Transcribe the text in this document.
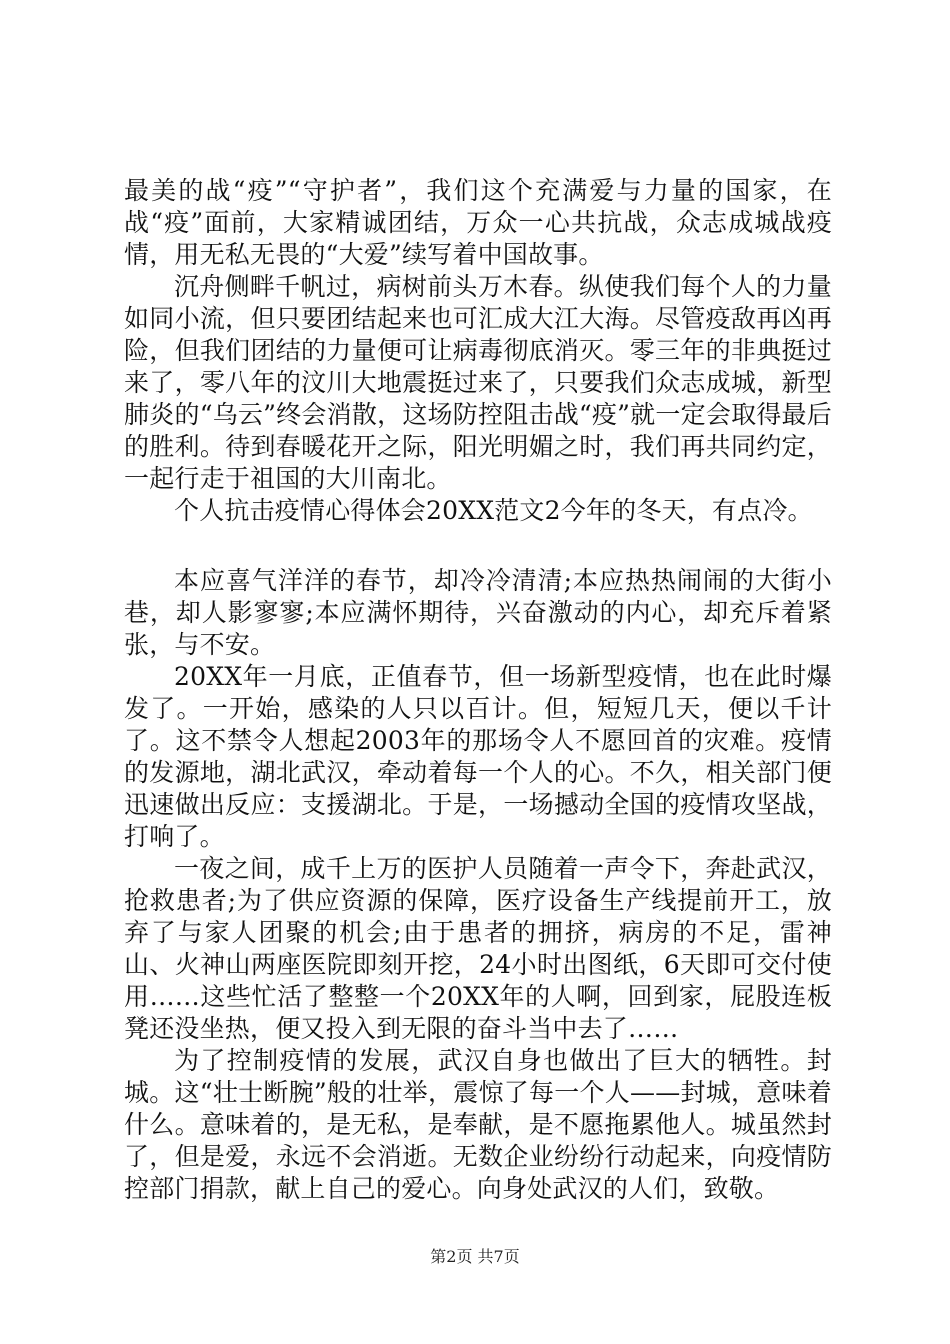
最美的战“疫”“守护者”，我们这个充满爱与力量的国家，在战“疫”面前，大家精诚团结，万众一心共抗战，众志成城战疫情，用无私无畏的“大爱”续写着中国故事。

沉舟侧畔千帆过，病树前头万木春。纵使我们每个人的力量如同小流，但只要团结起来也可汇成大江大海。尽管疫敌再凶再险，但我们团结的力量便可让病毒彻底消灭。零三年的非典挺过来了，零八年的汶川大地震挺过来了，只要我们众志成城，新型肺炎的“乌云”终会消散，这场防控阻击战“疫”就一定会取得最后的胜利。待到春暖花开之际，阳光明媚之时，我们再共同约定，一起行走于祖国的大川南北。

个人抗击疫情心得体会20XX范文2今年的冬天，有点冷。

本应喜气洋洋的春节，却冷冷清清;本应热热闹闹的大街小巷，却人影寥寥;本应满怀期待，兴奋激动的内心，却充斥着紧张，与不安。

20XX年一月底，正值春节，但一场新型疫情，也在此时爆发了。一开始，感染的人只以百计。但，短短几天，便以千计了。这不禁令人想起2003年的那场令人不愿回首的灾难。疫情的发源地，湖北武汉，牵动着每一个人的心。不久，相关部门便迅速做出反应：支援湖北。于是，一场撼动全国的疫情攻坚战，打响了。

一夜之间，成千上万的医护人员随着一声令下，奔赴武汉，抢救患者;为了供应资源的保障，医疗设备生产线提前开工，放弃了与家人团聚的机会;由于患者的拥挤，病房的不足，雷神山、火神山两座医院即刻开挖，24小时出图纸，6天即可交付使用……这些忙活了整整一个20XX年的人啊，回到家，屁股连板凳还没坐热，便又投入到无限的奋斗当中去了……

为了控制疫情的发展，武汉自身也做出了巨大的牺牲。封城。这“壮士断腕”般的壮举，震惊了每一个人——封城，意味着什么。意味着的，是无私，是奉献，是不愿拖累他人。城虽然封了，但是爱，永远不会消逝。无数企业纷纷行动起来，向疫情防控部门捐款，献上自己的爱心。向身处武汉的人们，致敬。

第2页 共7页
